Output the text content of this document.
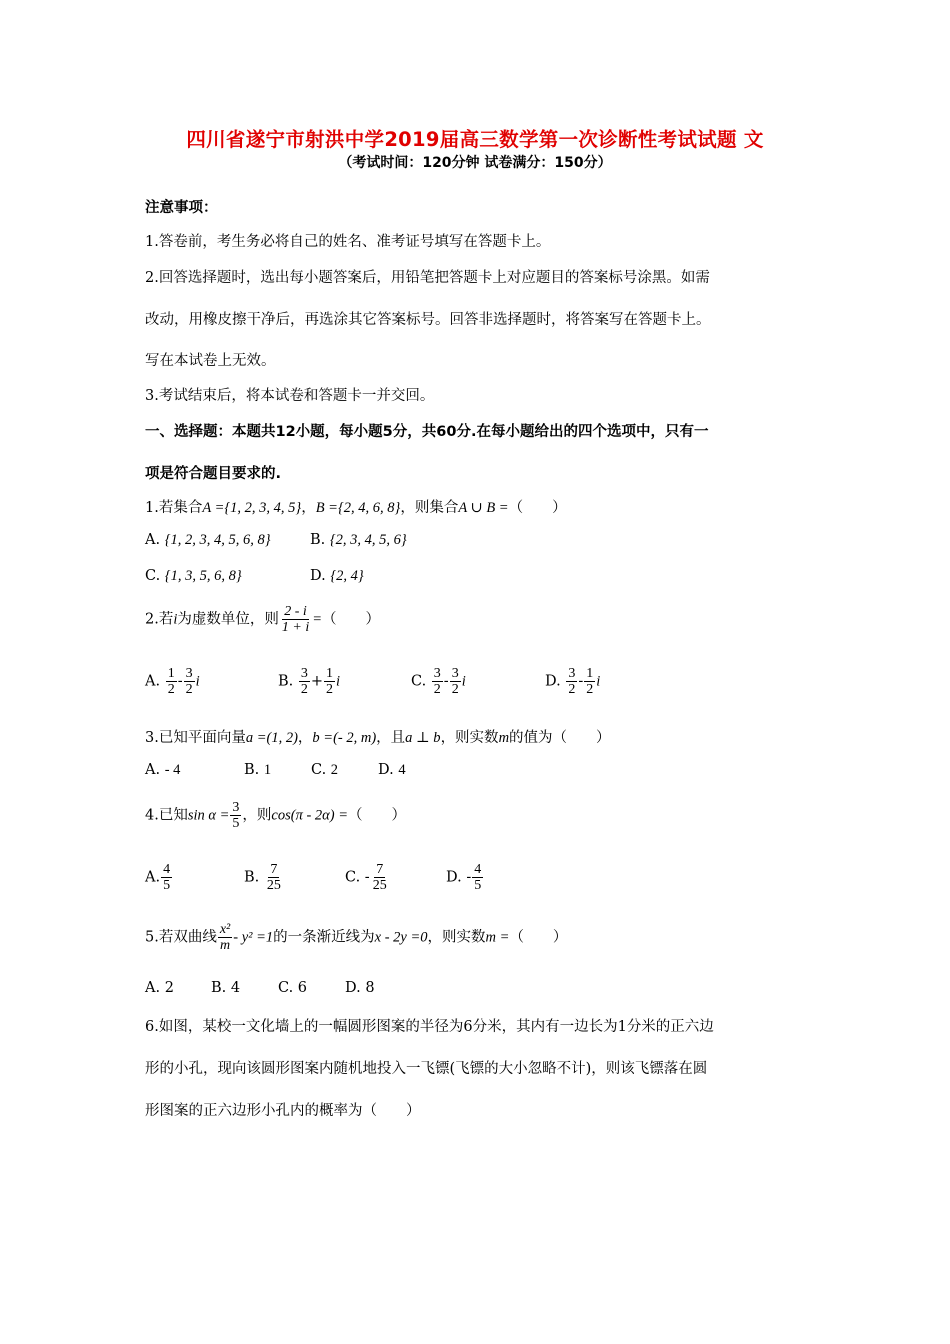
四川省遂宁市射洪中学2019届高三数学第一次诊断性考试试题 文
（考试时间：120分钟 试卷满分：150分）
注意事项：
1.答卷前，考生务必将自己的姓名、准考证号填写在答题卡上。
2.回答选择题时，选出每小题答案后，用铅笔把答题卡上对应题目的答案标号涂黑。如需
改动，用橡皮擦干净后，再选涂其它答案标号。回答非选择题时，将答案写在答题卡上。
写在本试卷上无效。
3.考试结束后，将本试卷和答题卡一并交回。
一、选择题：本题共12小题，每小题5分，共60分.在每小题给出的四个选项中，只有一
项是符合题目要求的.
1.若集合A ={1, 2, 3, 4, 5}，B ={2, 4, 6, 8}，则集合A ∪ B =（　　）
A. {1, 2, 3, 4, 5, 6, 8}	B. {2, 3, 4, 5, 6}
C. {1, 3, 5, 6, 8}	D. {2, 4}
2.若i为虚数单位，则 $\frac{2 - i}{1 + i}$ =（　　）
A. $\frac{1}{2} - \frac{3}{2}$ i	B. $\frac{3}{2} + \frac{1}{2}$ i	C. $\frac{3}{2} - \frac{3}{2}$ i	D. $\frac{3}{2} - \frac{1}{2}$ i
3.已知平面向量a =(1, 2)，b =(- 2, m)，且a ⊥ b，则实数m的值为（　　）
A. - 4	B. 1	C. 2	D. 4
4.已知$\sin \alpha = \frac{3}{5}$ ，则cos(π - 2α) =（　　）
A. $\frac{4}{5}$	B. $\frac{7}{25}$	C. - $\frac{7}{25}$	D. - $\frac{4}{5}$
5.若双曲线 $\frac{\text{x²}}{m} - y^2 =1$的一条渐近线为x - 2y =0，则实数m =（　　）
A. 2	B. 4	C. 6	D. 8
6.如图，某校一文化墙上的一幅圆形图案的半径为6分米，其内有一边长为1分米的正六边
形的小孔，现向该圆形图案内随机地投入一飞镖(飞镖的大小忽略不计)，则该飞镖落在圆
形图案的正六边形小孔内的概率为（　　）
